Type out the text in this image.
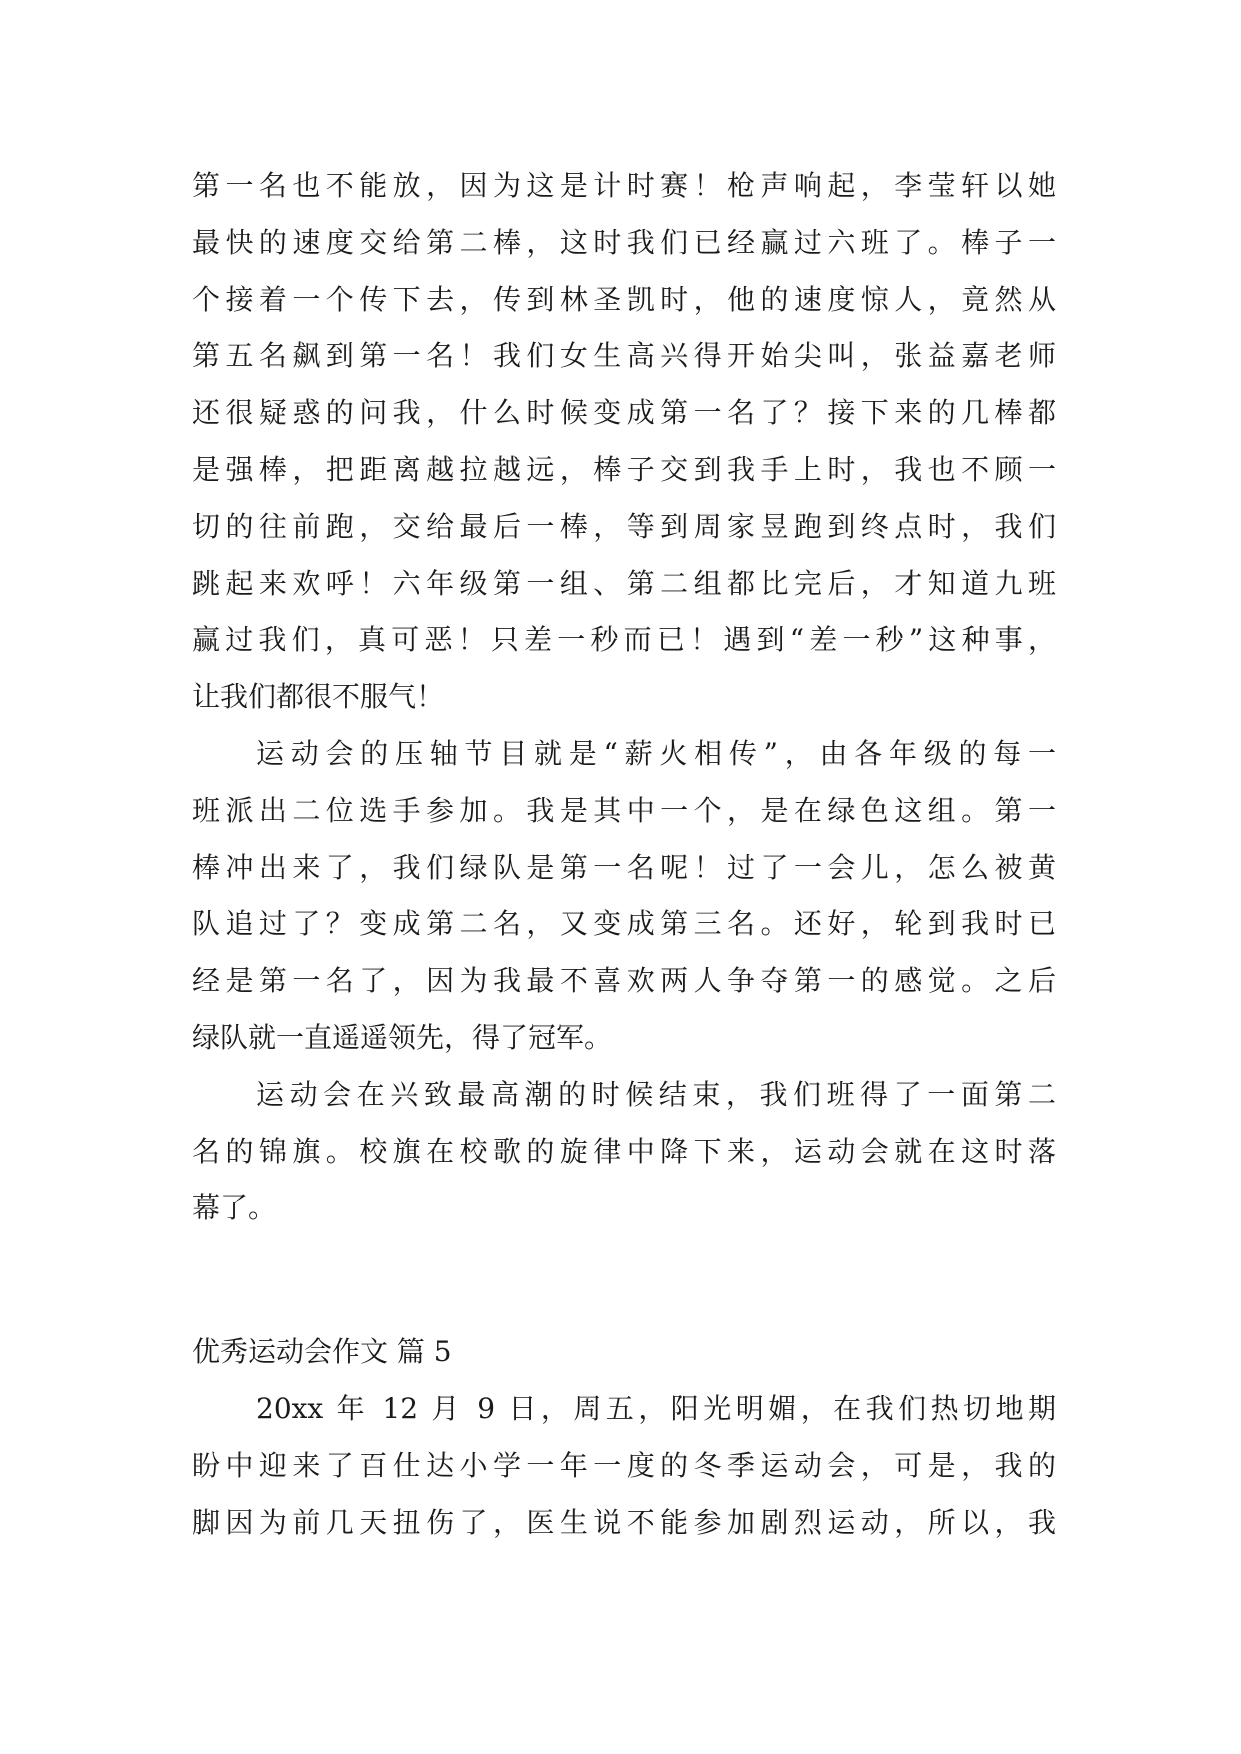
第一名也不能放，因为这是计时赛！枪声响起，李莹轩以她
最快的速度交给第二棒，这时我们已经赢过六班了。棒子一
个接着一个传下去，传到林圣凯时，他的速度惊人，竟然从
第五名飙到第一名！我们女生高兴得开始尖叫，张益嘉老师
还很疑惑的问我，什么时候变成第一名了？接下来的几棒都
是强棒，把距离越拉越远，棒子交到我手上时，我也不顾一
切的往前跑，交给最后一棒，等到周家昱跑到终点时，我们
跳起来欢呼！六年级第一组、第二组都比完后，才知道九班
赢过我们，真可恶！只差一秒而已！遇到“差一秒”这种事，
让我们都很不服气！
运动会的压轴节目就是“薪火相传”，由各年级的每一
班派出二位选手参加。我是其中一个，是在绿色这组。第一
棒冲出来了，我们绿队是第一名呢！过了一会儿，怎么被黄
队追过了？变成第二名，又变成第三名。还好，轮到我时已
经是第一名了，因为我最不喜欢两人争夺第一的感觉。之后
绿队就一直遥遥领先，得了冠军。
运动会在兴致最高潮的时候结束，我们班得了一面第二
名的锦旗。校旗在校歌的旋律中降下来，运动会就在这时落
幕了。
优秀运动会作文 篇 5
20xx 年 12 月 9 日，周五，阳光明媚，在我们热切地期
盼中迎来了百仕达小学一年一度的冬季运动会，可是，我的
脚因为前几天扭伤了，医生说不能参加剧烈运动，所以，我
